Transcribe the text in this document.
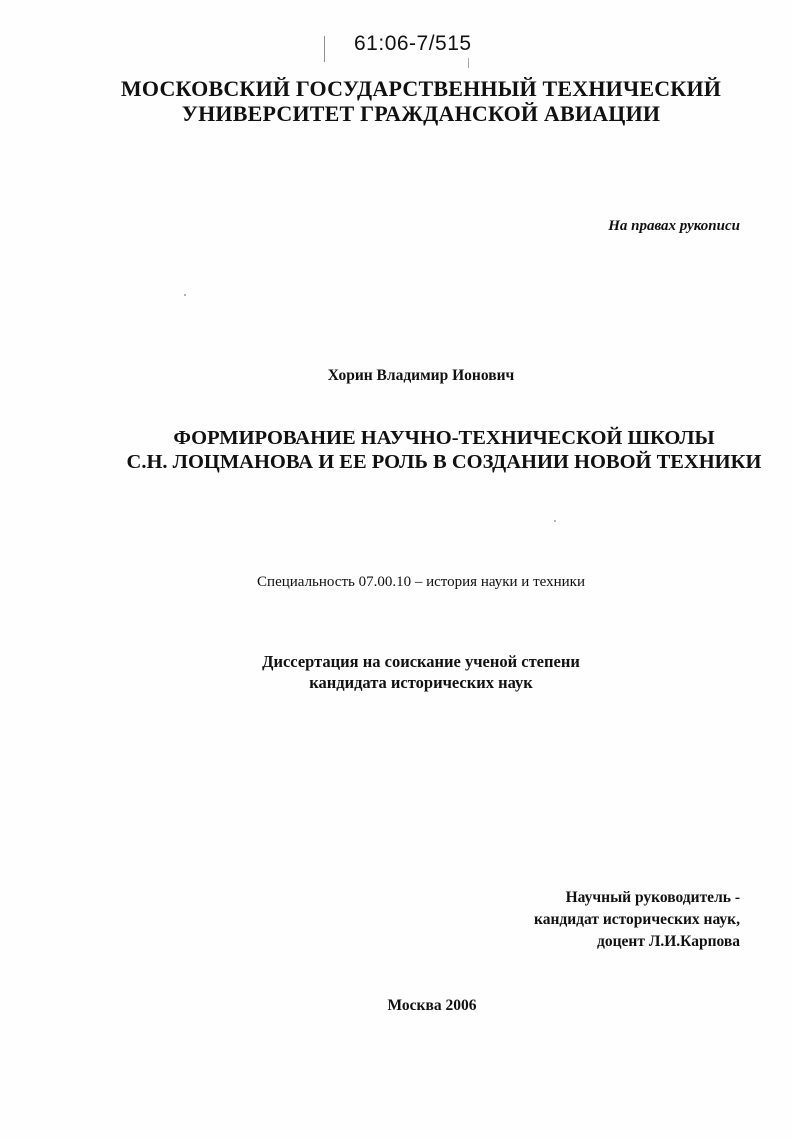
61:06-7/515
МОСКОВСКИЙ ГОСУДАРСТВЕННЫЙ ТЕХНИЧЕСКИЙ
УНИВЕРСИТЕТ ГРАЖДАНСКОЙ АВИАЦИИ
На правах рукописи
Хорин Владимир Ионович
ФОРМИРОВАНИЕ НАУЧНО-ТЕХНИЧЕСКОЙ ШКОЛЫ
С.Н. ЛОЦМАНОВА И ЕЕ РОЛЬ В СОЗДАНИИ НОВОЙ ТЕХНИКИ
Специальность 07.00.10 – история науки и техники
Диссертация на соискание ученой степени
кандидата исторических наук
Научный руководитель -
кандидат исторических наук,
доцент Л.И.Карпова
Москва 2006
